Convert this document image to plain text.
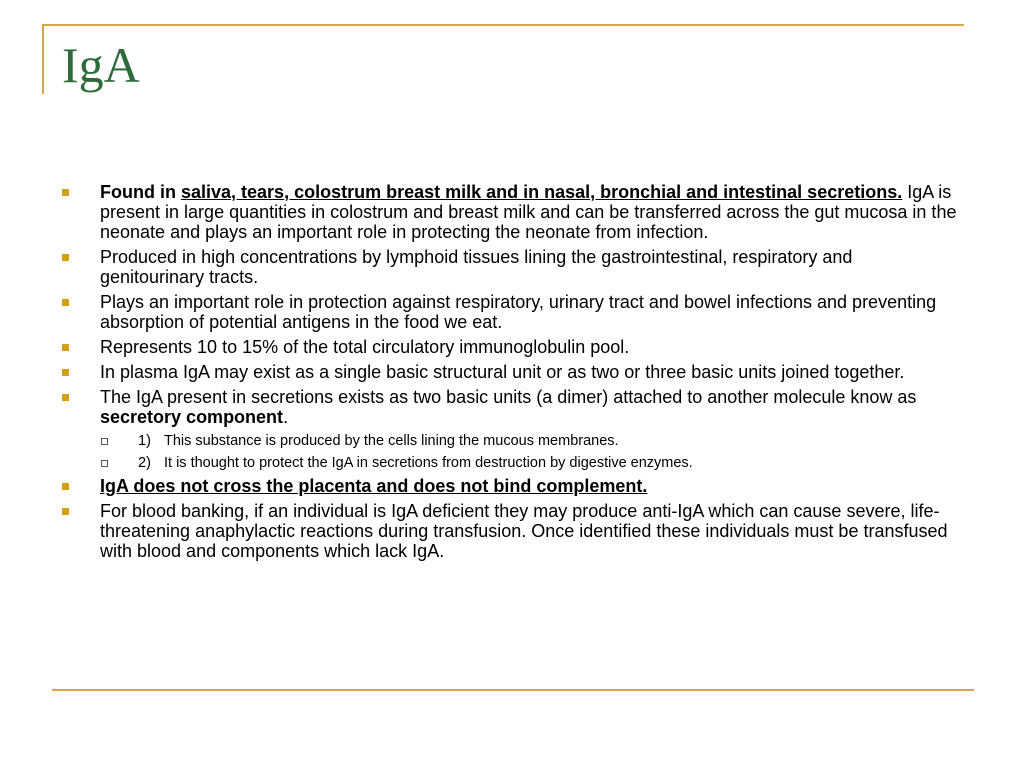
IgA
Found in saliva, tears, colostrum breast milk and in nasal, bronchial and intestinal secretions. IgA is present in large quantities in colostrum and breast milk and can be transferred across the gut mucosa in the neonate and plays an important role in protecting the neonate from infection.
Produced in high concentrations by lymphoid tissues lining the gastrointestinal, respiratory and genitourinary tracts.
Plays an important role in protection against respiratory, urinary tract and bowel infections and preventing absorption of potential antigens in the food we eat.
Represents 10 to 15% of the total circulatory immunoglobulin pool.
In plasma IgA may exist as a single basic structural unit or as two or three basic units joined together.
The IgA present in secretions exists as two basic units (a dimer) attached to another molecule know as secretory component.
1) This substance is produced by the cells lining the mucous membranes.
2) It is thought to protect the IgA in secretions from destruction by digestive enzymes.
IgA does not cross the placenta and does not bind complement.
For blood banking, if an individual is IgA deficient they may produce anti-IgA which can cause severe, life-threatening anaphylactic reactions during transfusion. Once identified these individuals must be transfused with blood and components which lack IgA.
